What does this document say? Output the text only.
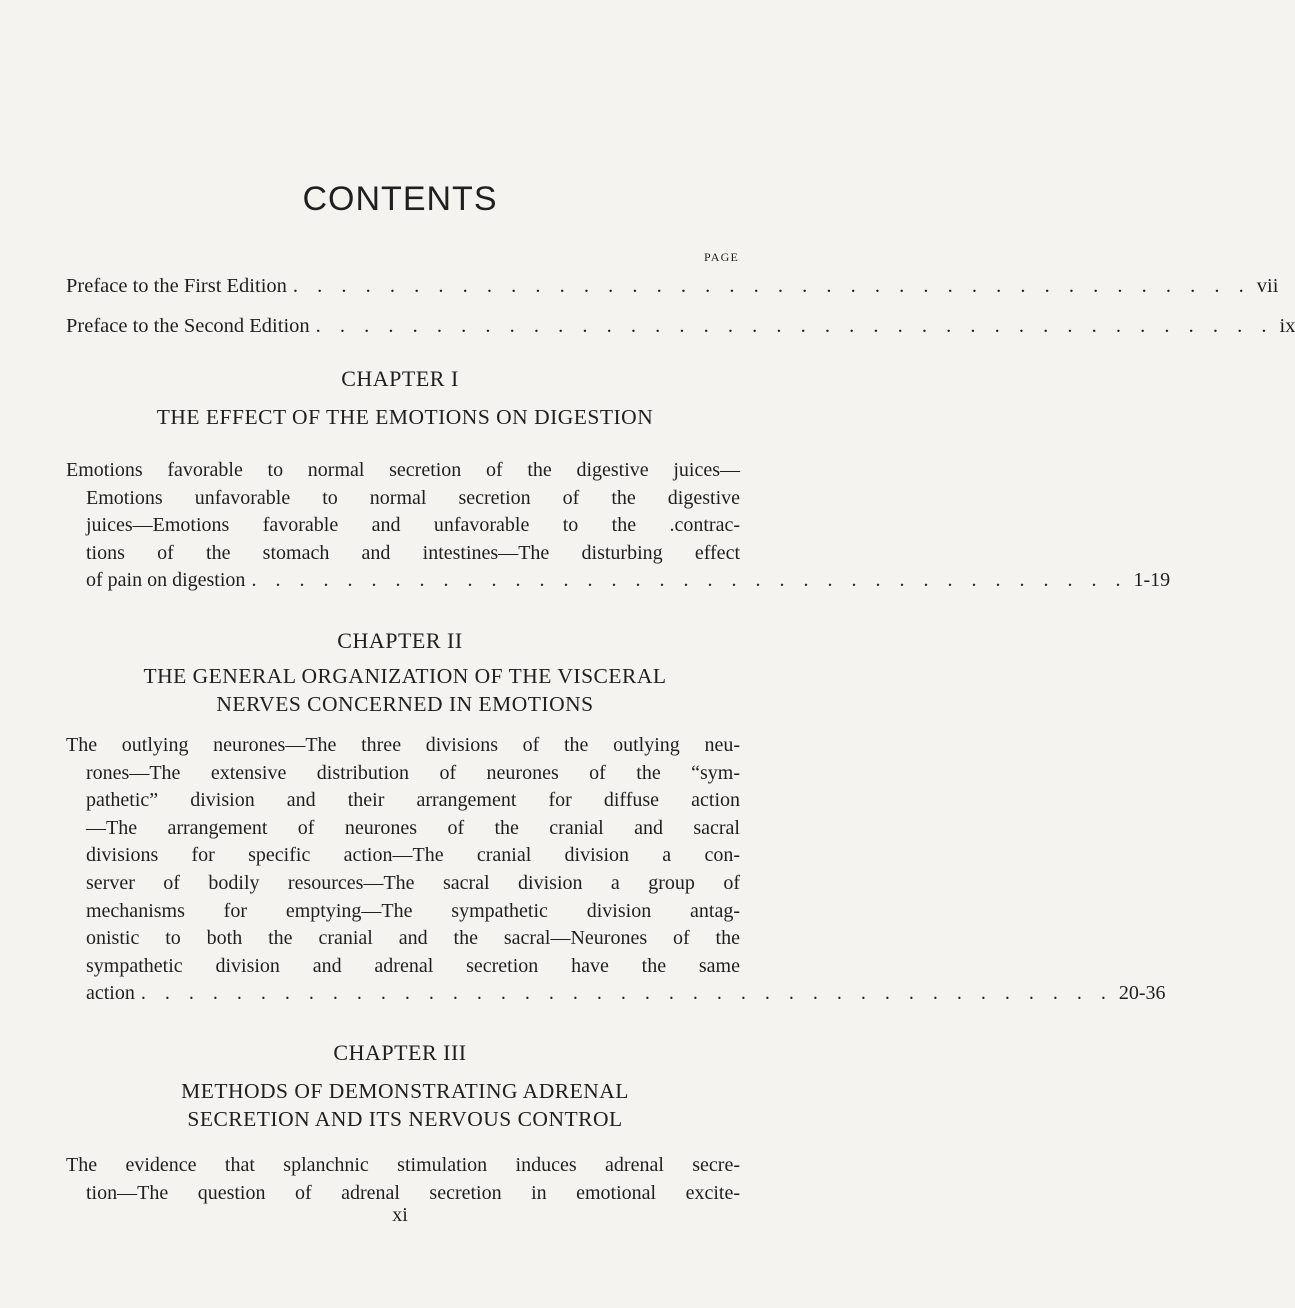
CONTENTS
PAGE
Preface to the First Edition . . . . . . . . . . . . . . . . . . . . . . . . . . . . . . . . . . . . . . . . vii
Preface to the Second Edition . . . . . . . . . . . . . . . . . . . . . . . . . . . . . . . . . . . . . . . . ix
CHAPTER I
THE EFFECT OF THE EMOTIONS ON DIGESTION
Emotions favorable to normal secretion of the digestive juices—
Emotions unfavorable to normal secretion of the digestive
juices—Emotions favorable and unfavorable to the .contrac-
tions of the stomach and intestines—The disturbing effect
of pain on digestion . . . . . . . . . . . . . . . . . . . . . . . . . . . . . . . . . . . . . 1-19
CHAPTER II
THE GENERAL ORGANIZATION OF THE VISCERAL
NERVES CONCERNED IN EMOTIONS
The outlying neurones—The three divisions of the outlying neu-
rones—The extensive distribution of neurones of the “sym-
pathetic” division and their arrangement for diffuse action
—The arrangement of neurones of the cranial and sacral
divisions for specific action—The cranial division a con-
server of bodily resources—The sacral division a group of
mechanisms for emptying—The sympathetic division antag-
onistic to both the cranial and the sacral—Neurones of the
sympathetic division and adrenal secretion have the same
action . . . . . . . . . . . . . . . . . . . . . . . . . . . . . . . . . . . . . . . . . 20-36
CHAPTER III
METHODS OF DEMONSTRATING ADRENAL
SECRETION AND ITS NERVOUS CONTROL
The evidence that splanchnic stimulation induces adrenal secre-
tion—The question of adrenal secretion in emotional excite-
xi
